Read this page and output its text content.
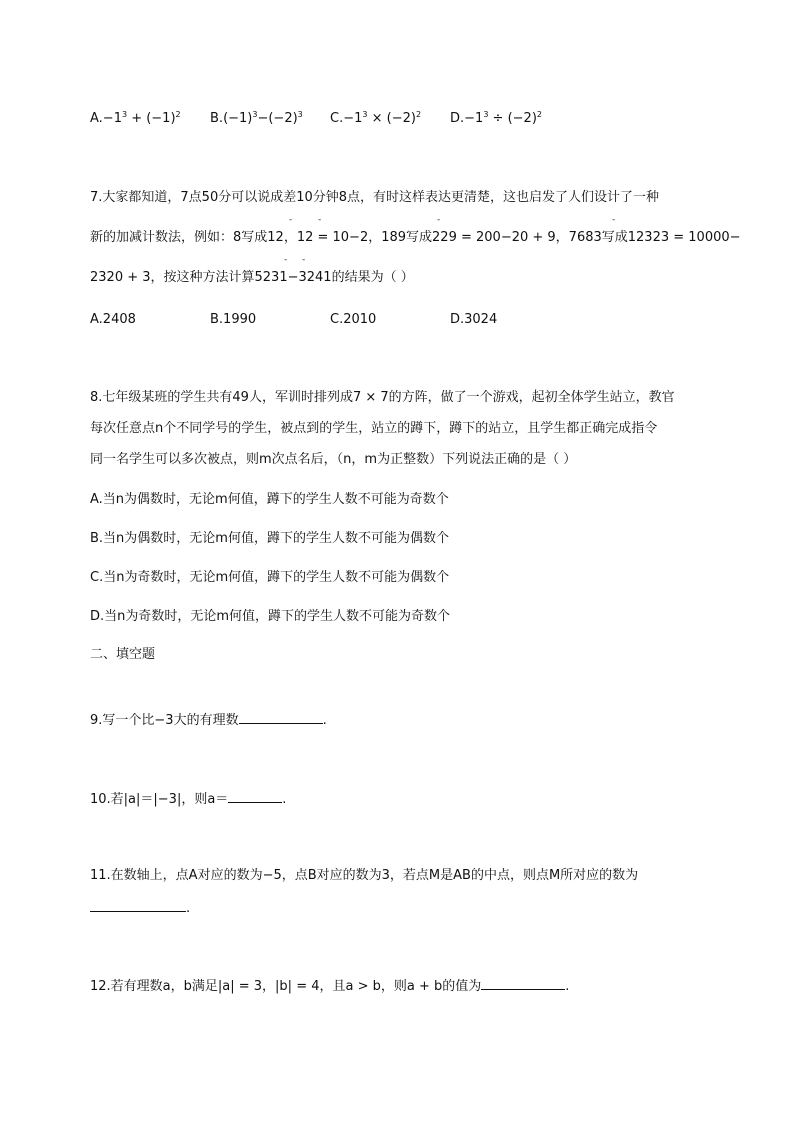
$A.-1^3 + (-1)^2$ $B.(-1)^3-(-2)^3$ $C.-1^3 \times (-2)^2$ $D.-1^3 \div (-2)^2$
7.大家都知道，7点50分可以说成差10分钟8点，有时这样表达更清楚，这也启发了人们设计了一种
-	-	-	-
新的加减计数法，例如：8写成12，12 = 10−2，189写成229 = 200−20 + 9，7683写成12323 = 10000−
- -
2320 + 3，按这种方法计算5231−3241的结果为（ ）
A.2408	B.1990	C.2010	D.3024
8.七年级某班的学生共有49人，军训时排列成7 × 7的方阵，做了一个游戏，起初全体学生站立，教官
每次任意点n个不同学号的学生，被点到的学生，站立的蹲下，蹲下的站立，且学生都正确完成指令
同一名学生可以多次被点，则m次点名后，（n，m为正整数）下列说法正确的是（ ）
A.当n为偶数时，无论m何值，蹲下的学生人数不可能为奇数个
B.当n为偶数时，无论m何值，蹲下的学生人数不可能为偶数个
C.当n为奇数时，无论m何值，蹲下的学生人数不可能为偶数个
D.当n为奇数时，无论m何值，蹲下的学生人数不可能为奇数个
二、填空题
9.写一个比−3大的有理数	.
10.若|a|＝|−3|，则a＝	.
11.在数轴上，点A对应的数为−5，点B对应的数为3，若点M是AB的中点，则点M所对应的数为
.
12.若有理数a，b满足|a| = 3，|b| = 4，且a > b，则a + b的值为	.
